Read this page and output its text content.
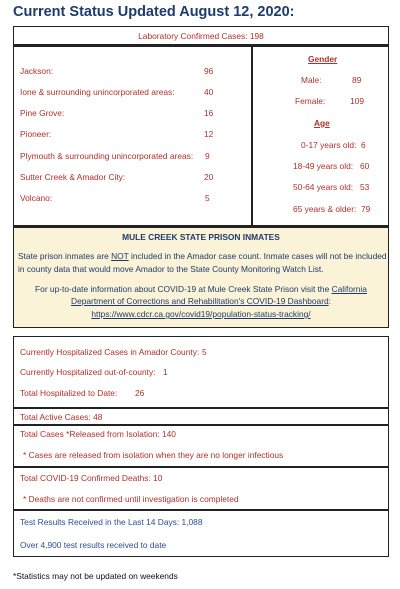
Current Status Updated August 12, 2020:
Laboratory Confirmed Cases: 198
Jackson:	96
Ione & surrounding unincorporated areas:	40
Pine Grove:	16
Pioneer:	12
Plymouth & surrounding unincorporated areas: 9
Sutter Creek & Amador City:	20
Volcano:	5
Gender
Male:	89
Female:	109
Age
0-17 years old: 6
18-49 years old: 60
50-64 years old: 53
65 years & older: 79
MULE CREEK STATE PRISON INMATES
State prison inmates are NOT included in the Amador case count. Inmate cases will not be included
in county data that would move Amador to the State County Monitoring Watch List.
For up-to-date information about COVID-19 at Mule Creek State Prison visit the California
Department of Corrections and Rehabilitation's COVID-19 Dashboard:
https://www.cdcr.ca.gov/covid19/population-status-tracking/
Currently Hospitalized Cases in Amador County: 5
Currently Hospitalized out-of-county: 1
Total Hospitalized to Date: 26
Total Active Cases: 48
Total Cases *Released from Isolation: 140
* Cases are released from isolation when they are no longer infectious
Total COVID-19 Confirmed Deaths: 10
* Deaths are not confirmed until investigation is completed
Test Results Received in the Last 14 Days: 1,088
Over 4,900 test results received to date
*Statistics may not be updated on weekends
